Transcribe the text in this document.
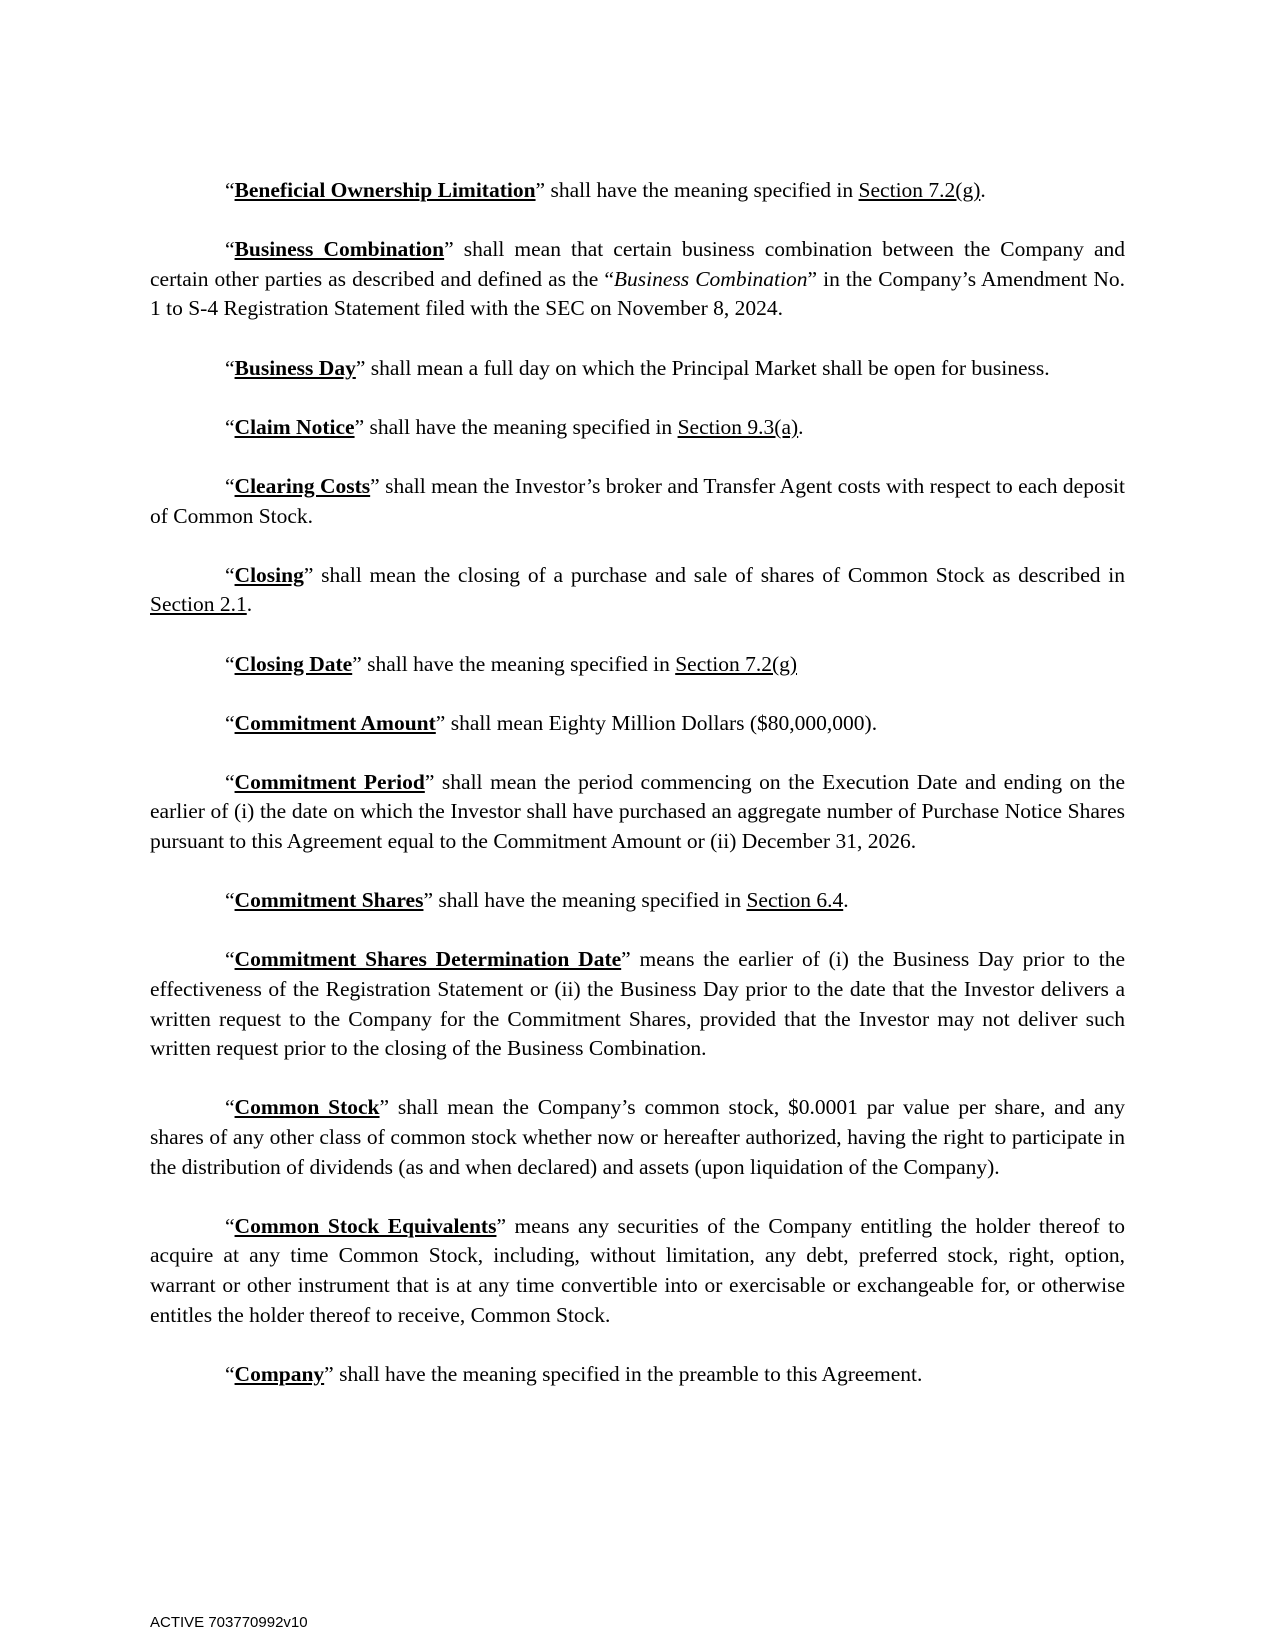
“Beneficial Ownership Limitation” shall have the meaning specified in Section 7.2(g).

“Business Combination” shall mean that certain business combination between the Company and certain other parties as described and defined as the “Business Combination” in the Company’s Amendment No. 1 to S-4 Registration Statement filed with the SEC on November 8, 2024.

“Business Day” shall mean a full day on which the Principal Market shall be open for business.

“Claim Notice” shall have the meaning specified in Section 9.3(a).

“Clearing Costs” shall mean the Investor’s broker and Transfer Agent costs with respect to each deposit of Common Stock.

“Closing” shall mean the closing of a purchase and sale of shares of Common Stock as described in Section 2.1.

“Closing Date” shall have the meaning specified in Section 7.2(g)

“Commitment Amount” shall mean Eighty Million Dollars ($80,000,000).

“Commitment Period” shall mean the period commencing on the Execution Date and ending on the earlier of (i) the date on which the Investor shall have purchased an aggregate number of Purchase Notice Shares pursuant to this Agreement equal to the Commitment Amount or (ii) December 31, 2026.

“Commitment Shares” shall have the meaning specified in Section 6.4.

“Commitment Shares Determination Date” means the earlier of (i) the Business Day prior to the effectiveness of the Registration Statement or (ii) the Business Day prior to the date that the Investor delivers a written request to the Company for the Commitment Shares, provided that the Investor may not deliver such written request prior to the closing of the Business Combination.

“Common Stock” shall mean the Company’s common stock, $0.0001 par value per share, and any shares of any other class of common stock whether now or hereafter authorized, having the right to participate in the distribution of dividends (as and when declared) and assets (upon liquidation of the Company).

“Common Stock Equivalents” means any securities of the Company entitling the holder thereof to acquire at any time Common Stock, including, without limitation, any debt, preferred stock, right, option, warrant or other instrument that is at any time convertible into or exercisable or exchangeable for, or otherwise entitles the holder thereof to receive, Common Stock.

“Company” shall have the meaning specified in the preamble to this Agreement.

ACTIVE 703770992v10
